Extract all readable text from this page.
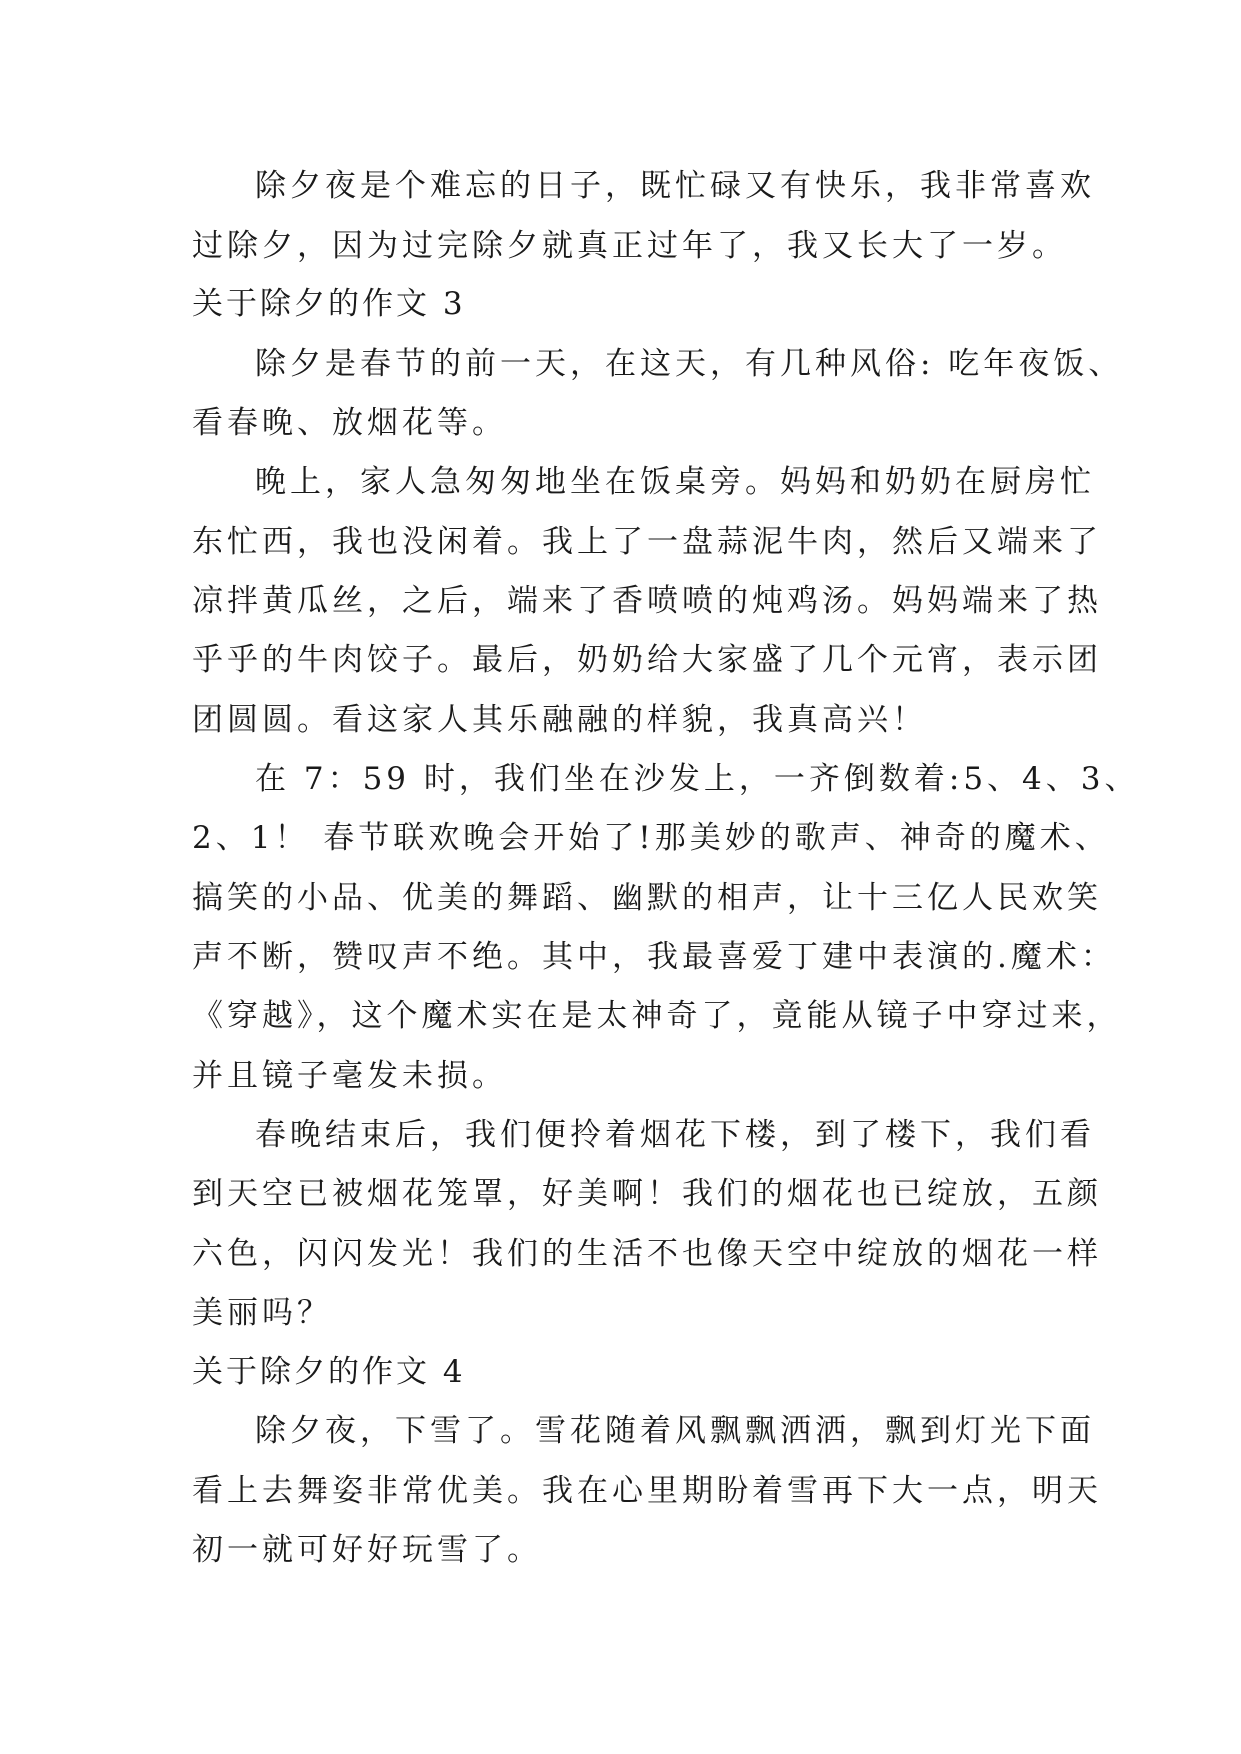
除夕夜是个难忘的日子，既忙碌又有快乐，我非常喜欢
过除夕，因为过完除夕就真正过年了，我又长大了一岁。
关于除夕的作文 3
除夕是春节的前一天，在这天，有几种风俗: 吃年夜饭、
看春晚、放烟花等。
晚上，家人急匆匆地坐在饭桌旁。妈妈和奶奶在厨房忙
东忙西，我也没闲着。我上了一盘蒜泥牛肉，然后又端来了
凉拌黄瓜丝，之后，端来了香喷喷的炖鸡汤。妈妈端来了热
乎乎的牛肉饺子。最后，奶奶给大家盛了几个元宵，表示团
团圆圆。看这家人其乐融融的样貌，我真高兴！
在 7：59 时，我们坐在沙发上，一齐倒数着:5、4、3、
2、1！ 春节联欢晚会开始了!那美妙的歌声、神奇的魔术、
搞笑的小品、优美的舞蹈、幽默的相声，让十三亿人民欢笑
声不断，赞叹声不绝。其中，我最喜爱丁建中表演的.魔术：
《穿越》，这个魔术实在是太神奇了，竟能从镜子中穿过来，
并且镜子毫发未损。
春晚结束后，我们便拎着烟花下楼，到了楼下，我们看
到天空已被烟花笼罩，好美啊！我们的烟花也已绽放，五颜
六色，闪闪发光！我们的生活不也像天空中绽放的烟花一样
美丽吗？
关于除夕的作文 4
除夕夜，下雪了。雪花随着风飘飘洒洒，飘到灯光下面
看上去舞姿非常优美。我在心里期盼着雪再下大一点，明天
初一就可好好玩雪了。
